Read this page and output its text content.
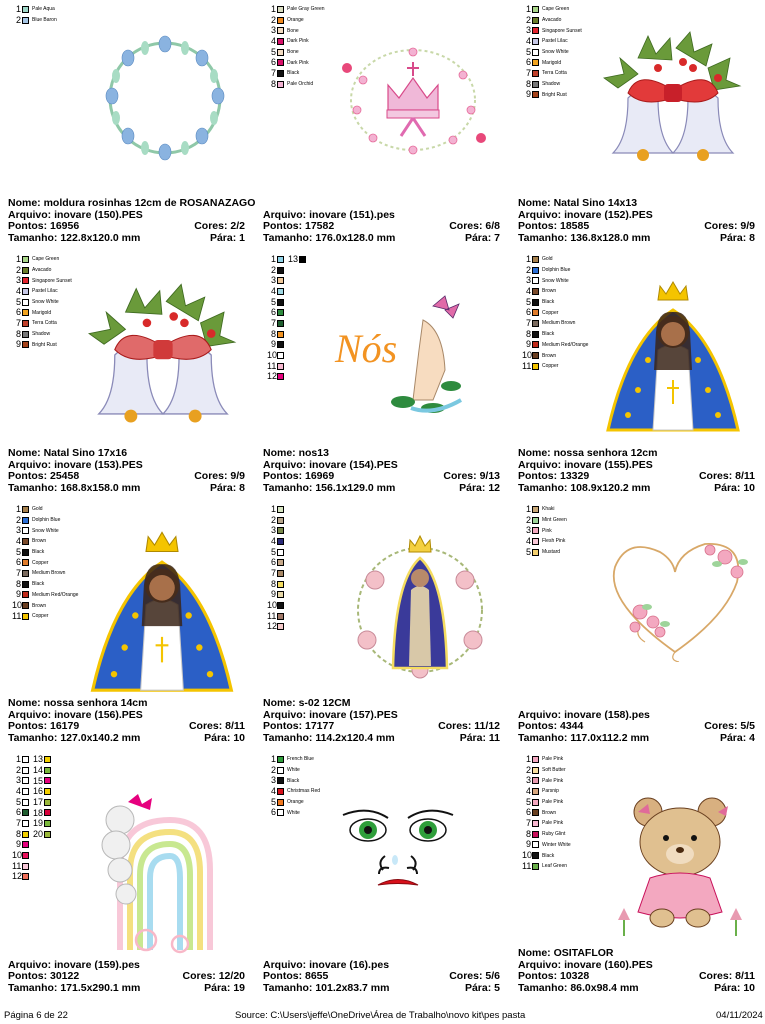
1 Pale Aqua
2 Blue Baron
Nome: moldura rosinhas 12cm de ROSANAZAGO
Arquivo: inovare (150).PES
Pontos: 16956	Cores: 2/2
Tamanho: 122.8x120.0 mm	Pára: 1
1 Pale Gray Green
2 Orange
3 Bone
4 Dark Pink
5 Bone
6 Dark Pink
7 Black
8 Pale Orchid
Arquivo: inovare (151).pes
Pontos: 17582	Cores: 6/8
Tamanho: 176.0x128.0 mm	Pára: 7
1 Cape Green
2 Avacado
3 Singapore Sunset
4 Pastel Lilac
5 Snow White
6 Marigold
7 Terra Cotta
8 Shadow
9 Bright Rust
Nome: Natal Sino 14x13
Arquivo: inovare (152).PES
Pontos: 18585	Cores: 9/9
Tamanho: 136.8x128.0 mm	Pára: 8
1 Cape Green
2 Avacado
3 Singapore Sunset
4 Pastel Lilac
5 Snow White
6 Marigold
7 Terra Cotta
8 Shadow
9 Bright Rust
Nome: Natal Sino 17x16
Arquivo: inovare (153).PES
Pontos: 25458	Cores: 9/9
Tamanho: 168.8x158.0 mm	Pára: 8
1 13
2
3
4
5
6
7
8
9
10
11
12
Nós
Nome: nos13
Arquivo: inovare (154).PES
Pontos: 16969	Cores: 9/13
Tamanho: 156.1x129.0 mm	Pára: 12
1 Gold
2 Dolphin Blue
3 Snow White
4 Brown
5 Black
6 Copper
7 Medium Brown
8 Black
9 Medium Red/Orange
10 Brown
11 Copper
Nome: nossa senhora 12cm
Arquivo: inovare (155).PES
Pontos: 13329	Cores: 8/11
Tamanho: 108.9x120.2 mm	Pára: 10
1 Gold
2 Dolphin Blue
3 Snow White
4 Brown
5 Black
6 Copper
7 Medium Brown
8 Black
9 Medium Red/Orange
10 Brown
11 Copper
Nome: nossa senhora 14cm
Arquivo: inovare (156).PES
Pontos: 16179	Cores: 8/11
Tamanho: 127.0x140.2 mm	Pára: 10
1
2
3
4
5
6
7
8
9
10
11
12
Nome: s-02 12CM
Arquivo: inovare (157).PES
Pontos: 17177	Cores: 11/12
Tamanho: 114.2x120.4 mm	Pára: 11
1 Khaki
2 Mint Green
3 Pink
4 Flesh Pink
5 Mustard
Arquivo: inovare (158).pes
Pontos: 4344	Cores: 5/5
Tamanho: 117.0x112.2 mm	Pára: 4
1 13
2 14
3 15
4 16
5 17
6 18
7 19
8 20
9
10
11
12
Arquivo: inovare (159).pes
Pontos: 30122	Cores: 12/20
Tamanho: 171.5x290.1 mm	Pára: 19
1 French Blue
2 White
3 Black
4 Christmas Red
5 Orange
6 White
Arquivo: inovare (16).pes
Pontos: 8655	Cores: 5/6
Tamanho: 101.2x83.7 mm	Pára: 5
1 Pale Pink
2 Soft Butter
3 Pale Pink
4 Parsnip
5 Pale Pink
6 Brown
7 Pale Pink
8 Ruby Glint
9 Winter White
10 Black
11 Leaf Green
Nome: OSITAFLOR
Arquivo: inovare (160).PES
Pontos: 10328	Cores: 8/11
Tamanho: 86.0x98.4 mm	Pára: 10
Página 6 de 22	Source: C:\Users\jeffe\OneDrive\Área de Trabalho\novo kit\pes pasta	04/11/2024
